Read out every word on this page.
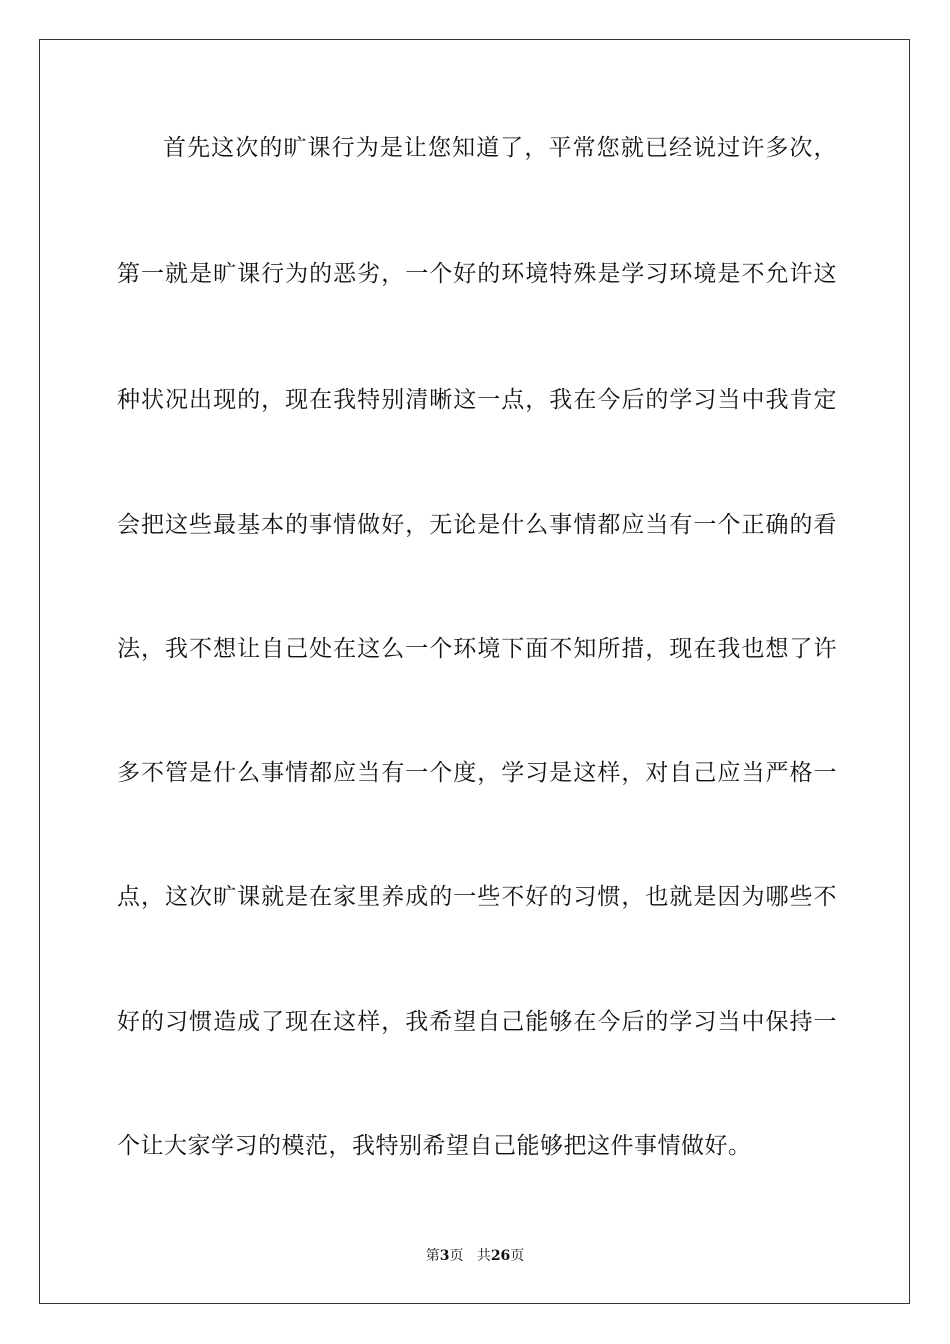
首先这次的旷课行为是让您知道了，平常您就已经说过许多次，
第一就是旷课行为的恶劣，一个好的环境特殊是学习环境是不允许这
种状况出现的，现在我特别清晰这一点，我在今后的学习当中我肯定
会把这些最基本的事情做好，无论是什么事情都应当有一个正确的看
法，我不想让自己处在这么一个环境下面不知所措，现在我也想了许
多不管是什么事情都应当有一个度，学习是这样，对自己应当严格一
点，这次旷课就是在家里养成的一些不好的习惯，也就是因为哪些不
好的习惯造成了现在这样，我希望自己能够在今后的学习当中保持一
个让大家学习的模范，我特别希望自己能够把这件事情做好。
第3页 共26页
